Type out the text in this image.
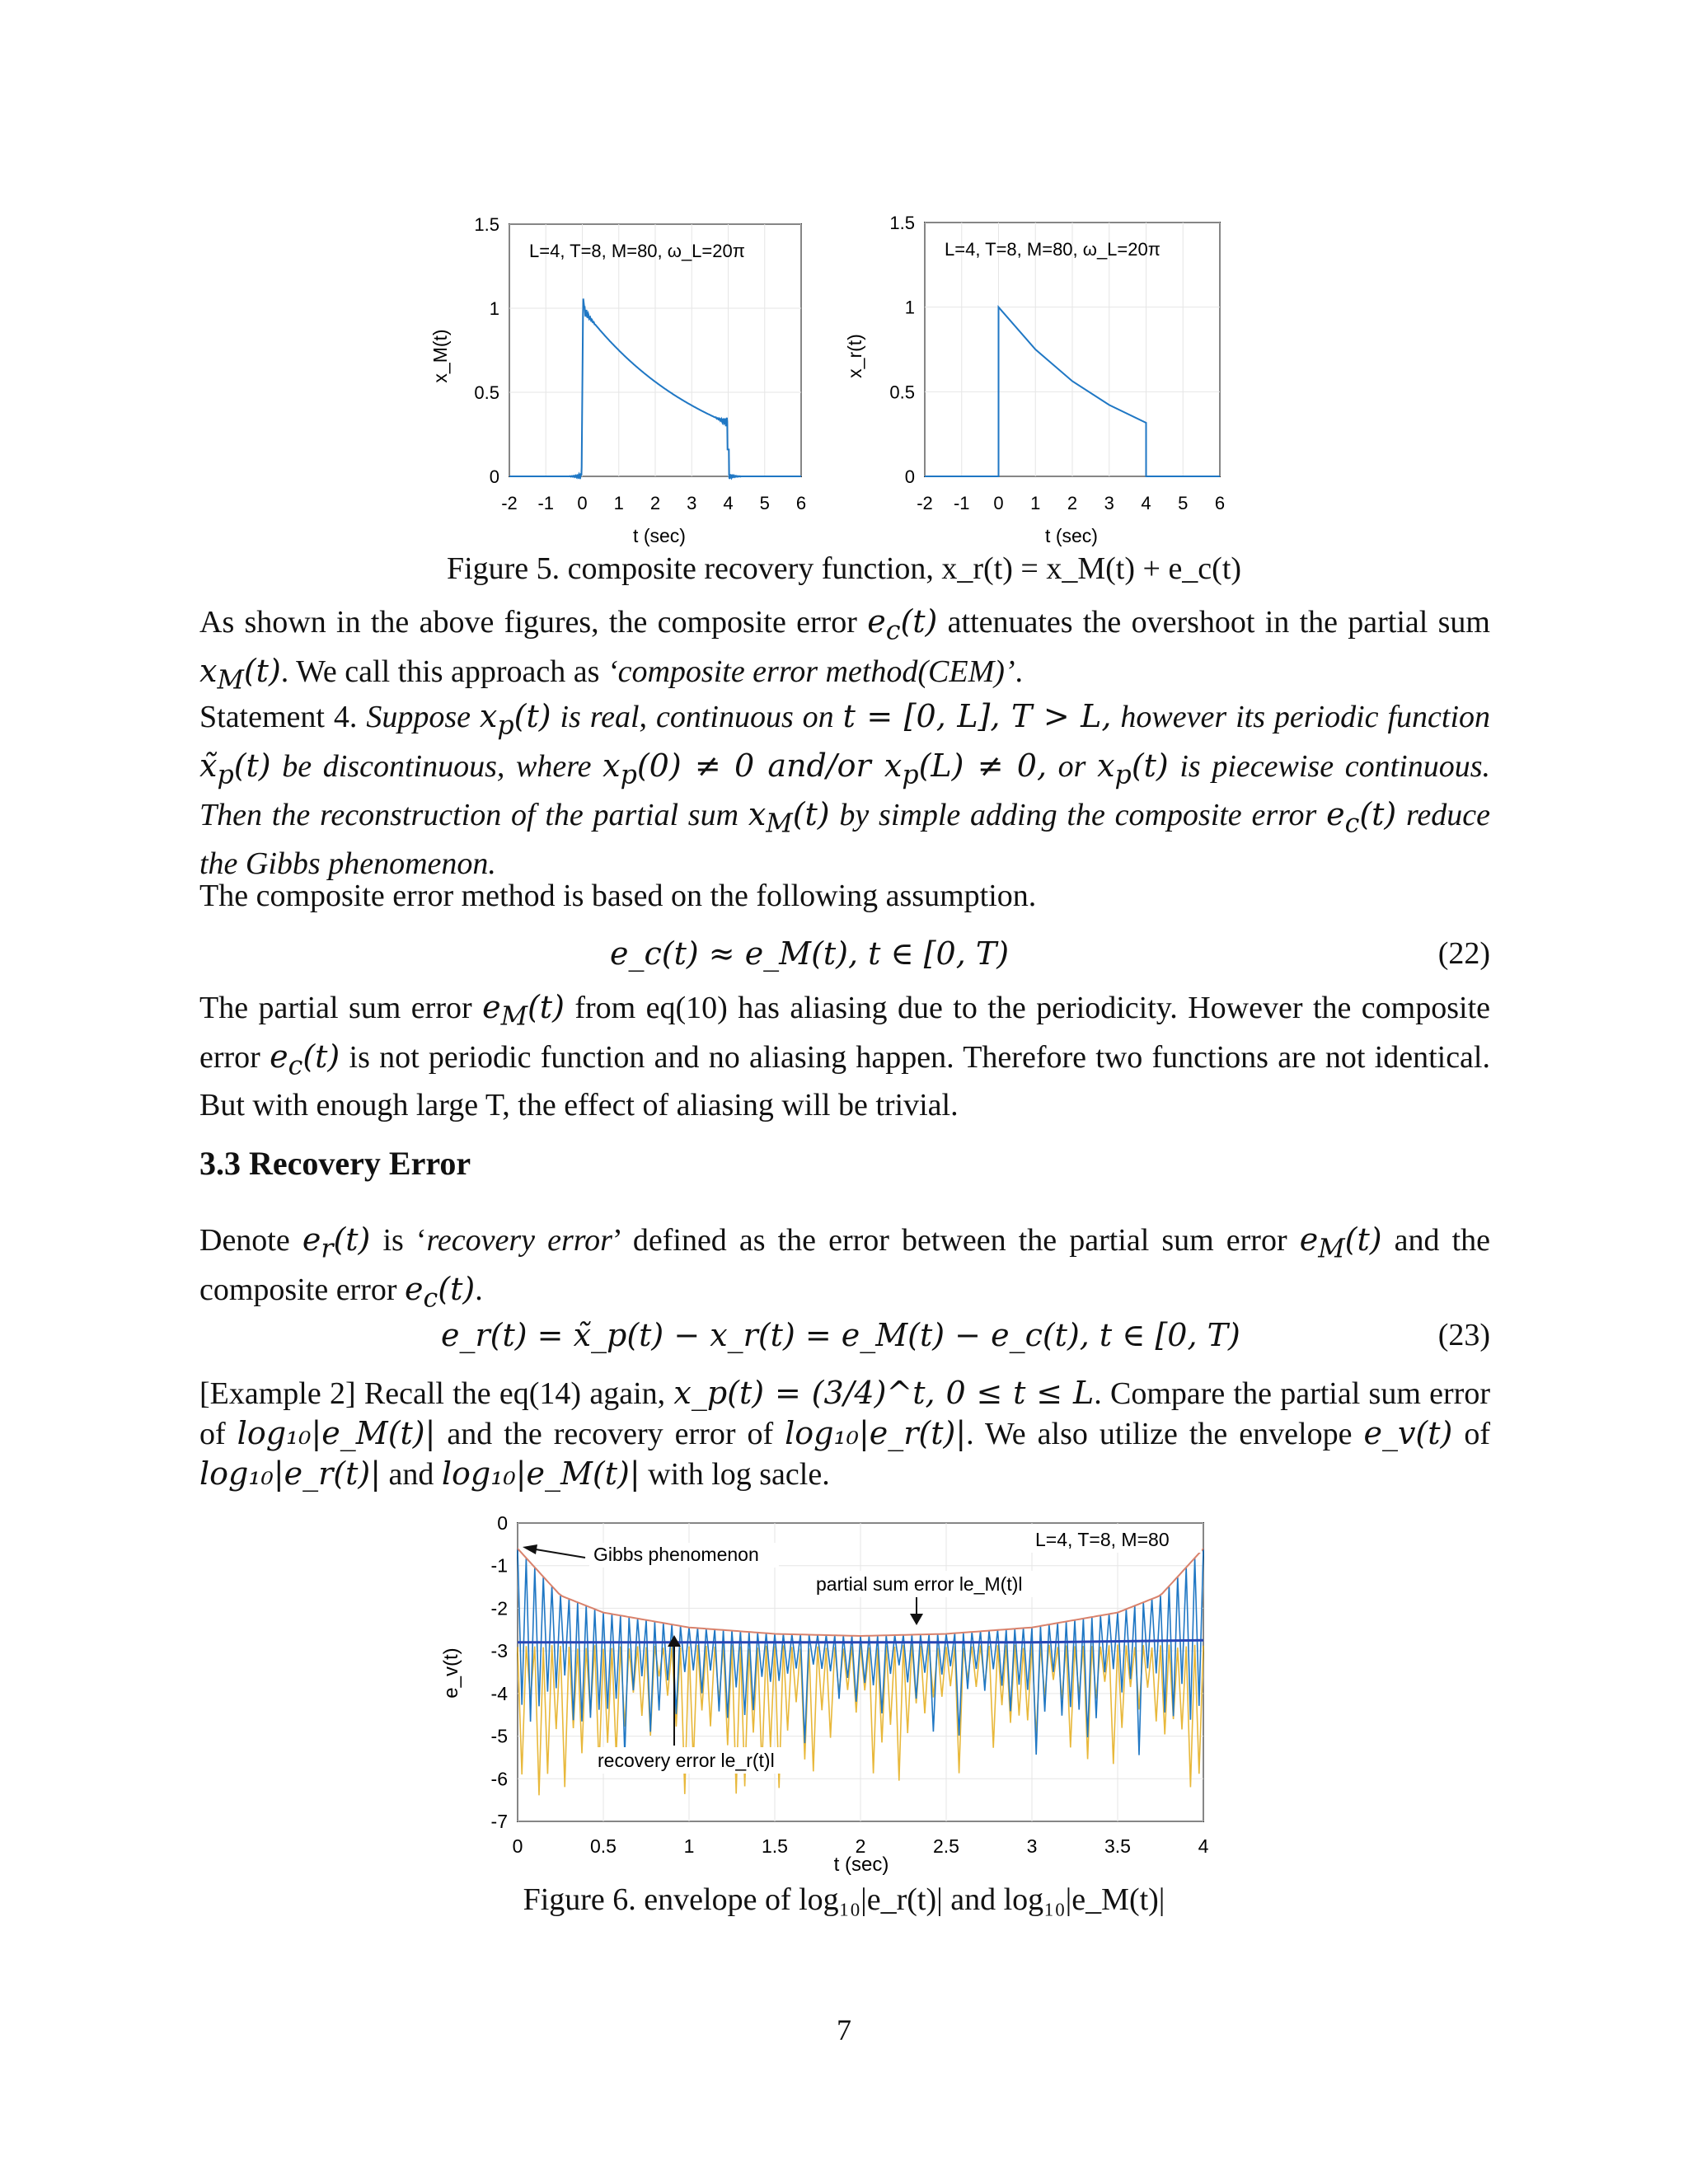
L=4, T=8, M=80, ω_L=20π
0
0.5
1
1.5
-2 -1 0 1 2 3 4 5 6
t (sec)
x_M(t)
L=4, T=8, M=80, ω_L=20π
0
0.5
1
1.5
-2 -1 0 1 2 3 4 5 6
t (sec)
x_r(t)
Figure 5. composite recovery function, x_r(t) = x_M(t) + e_c(t)

As shown in the above figures, the composite error $e_c(t)$ attenuates the overshoot in the partial sum $x_M(t)$. We call this approach as ‘composite error method(CEM)’.

Statement 4. Suppose $x_p(t)$ is real, continuous on t = [0, L], T > L, however its periodic function $x̃_p(t)$ be discontinuous, where $x_p(0) \ne 0$ and/or $x_p(L) \ne 0$, or $x_p(t)$ is piecewise continuous. Then the reconstruction of the partial sum $x_M(t)$ by simple adding the composite error $e_c(t)$ reduce the Gibbs phenomenon.

The composite error method is based on the following assumption.
e_c(t) ≈ e_M(t), t ∈ [0, T)	(22)

The partial sum error $e_M(t)$ from eq(10) has aliasing due to the periodicity. However the composite error $e_c(t)$ is not periodic function and no aliasing happen. Therefore two functions are not identical. But with enough large T, the effect of aliasing will be trivial.

3.3 Recovery Error

Denote $e_r(t)$ is ‘recovery error’ defined as the error between the partial sum error $e_M(t)$ and the composite error $e_c(t)$.

e_r(t) = x̃_p(t) − x_r(t) = e_M(t) − e_c(t), t ∈ [0, T)	(23)

[Example 2] Recall the eq(14) again, x_p(t) = (3/4)^t, 0 ≤ t ≤ L. Compare the partial sum error of log₁₀|e_M(t)| and the recovery error of log₁₀|e_r(t)|. We also utilize the envelope e_v(t) of log₁₀|e_r(t)| and log₁₀|e_M(t)| with log sacle.

0
-1
-2
-3
-4
-5
-6
-7
0	0.5	1	1.5	2	2.5	3	3.5	4
t (sec)
e_v(t)
L=4, T=8, M=80
Gibbs phenomenon
partial sum error le_M(t)l
recovery error le_r(t)l
Figure 6. envelope of log₁₀|e_r(t)| and log₁₀|e_M(t)|
7
